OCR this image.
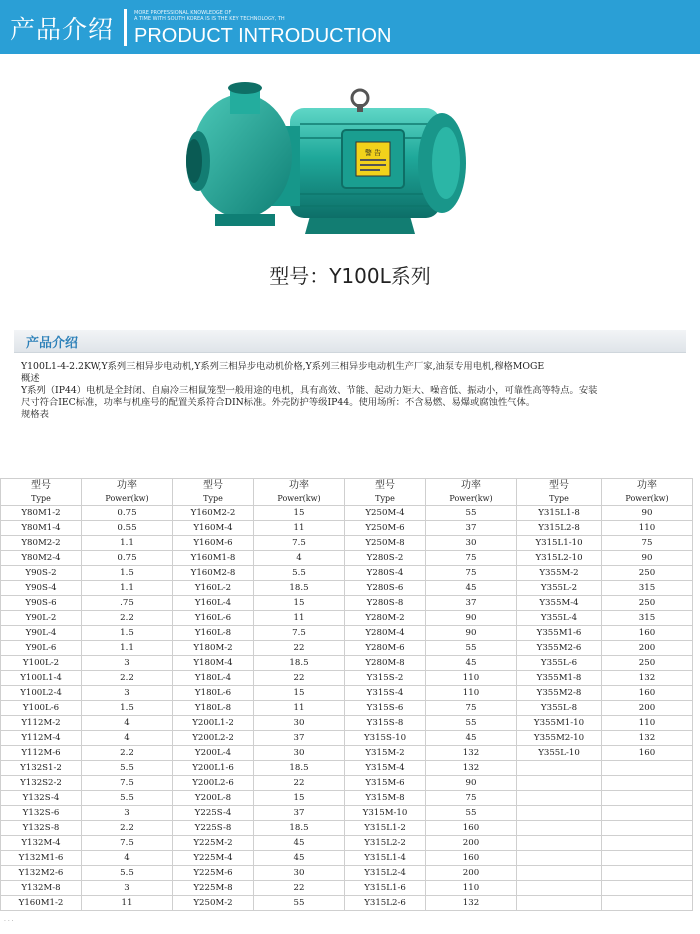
产品介绍
MORE PROFESSIONAL KNOWLEDGE OF
A TIME WITH SOUTH KOREA IS IS THE KEY TECHNOLOGY, TH
PRODUCT INTRODUCTION
警 告
型号：Y100L系列
产品介绍
Y100L1-4-2.2KW,Y系列三相异步电动机,Y系列三相异步电动机价格,Y系列三相异步电动机生产厂家,油泵专用电机,穆格MOGE
概述
Y系列（IP44）电机是全封闭、自扇冷三相鼠笼型一般用途的电机，具有高效、节能、起动力矩大、噪音低、振动小，可靠性高等特点。安装
尺寸符合IEC标准，功率与机座号的配置关系符合DIN标准。外壳防护等级IP44。使用场所：不含易燃、易爆或腐蚀性气体。
规格表
型号	功率	型号	功率	型号	功率	型号	功率
Type	Power(kw)	Type	Power(kw)	Type	Power(kw)	Type	Power(kw)
Y80M1-2	0.75	Y160M2-2	15	Y250M-4	55	Y315L1-8	90
Y80M1-4	0.55	Y160M-4	11	Y250M-6	37	Y315L2-8	110
Y80M2-2	1.1	Y160M-6	7.5	Y250M-8	30	Y315L1-10	75
Y80M2-4	0.75	Y160M1-8	4	Y280S-2	75	Y315L2-10	90
Y90S-2	1.5	Y160M2-8	5.5	Y280S-4	75	Y355M-2	250
Y90S-4	1.1	Y160L-2	18.5	Y280S-6	45	Y355L-2	315
Y90S-6	.75	Y160L-4	15	Y280S-8	37	Y355M-4	250
Y90L-2	2.2	Y160L-6	11	Y280M-2	90	Y355L-4	315
Y90L-4	1.5	Y160L-8	7.5	Y280M-4	90	Y355M1-6	160
Y90L-6	1.1	Y180M-2	22	Y280M-6	55	Y355M2-6	200
Y100L-2	3	Y180M-4	18.5	Y280M-8	45	Y355L-6	250
Y100L1-4	2.2	Y180L-4	22	Y315S-2	110	Y355M1-8	132
Y100L2-4	3	Y180L-6	15	Y315S-4	110	Y355M2-8	160
Y100L-6	1.5	Y180L-8	11	Y315S-6	75	Y355L-8	200
Y112M-2	4	Y200L1-2	30	Y315S-8	55	Y355M1-10	110
Y112M-4	4	Y200L2-2	37	Y315S-10	45	Y355M2-10	132
Y112M-6	2.2	Y200L-4	30	Y315M-2	132	Y355L-10	160
Y132S1-2	5.5	Y200L1-6	18.5	Y315M-4	132		
Y132S2-2	7.5	Y200L2-6	22	Y315M-6	90		
Y132S-4	5.5	Y200L-8	15	Y315M-8	75		
Y132S-6	3	Y225S-4	37	Y315M-10	55		
Y132S-8	2.2	Y225S-8	18.5	Y315L1-2	160		
Y132M-4	7.5	Y225M-2	45	Y315L2-2	200		
Y132M1-6	4	Y225M-4	45	Y315L1-4	160		
Y132M2-6	5.5	Y225M-6	30	Y315L2-4	200		
Y132M-8	3	Y225M-8	22	Y315L1-6	110		
Y160M1-2	11	Y250M-2	55	Y315L2-6	132		
· · ·
